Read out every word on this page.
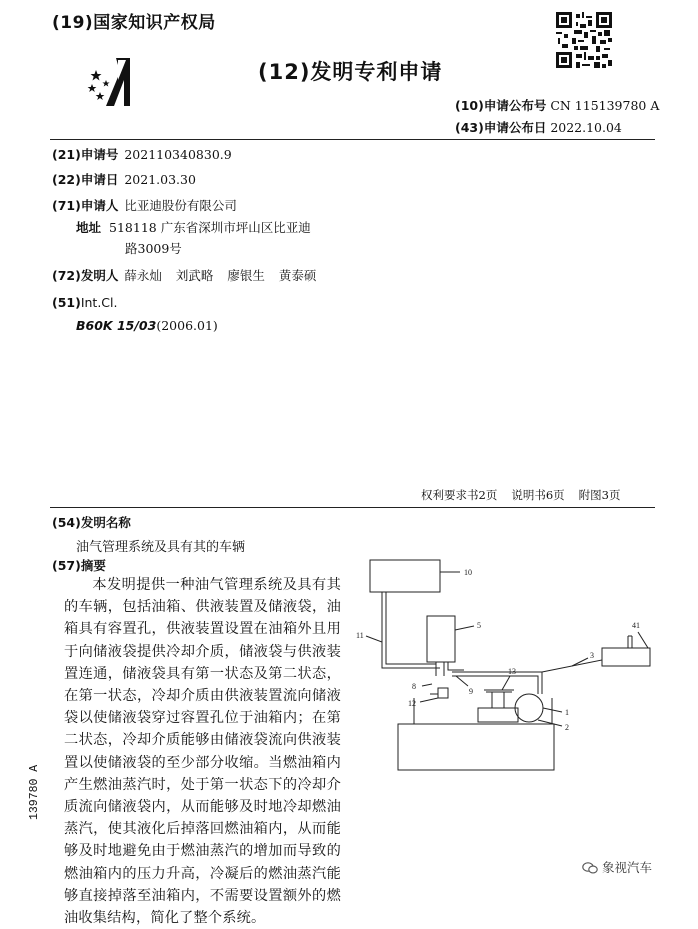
(19)国家知识产权局
(12)发明专利申请
(10)申请公布号 CN 115139780 A
(43)申请公布日 2022.10.04
(21)申请号 202110340830.9
(22)申请日 2021.03.30
(71)申请人 比亚迪股份有限公司
地址 518118 广东省深圳市坪山区比亚迪
路3009号
(72)发明人 薛永灿 刘武略 廖银生 黄泰硕
(51)Int.Cl.
B60K 15/03(2006.01)
权利要求书2页 说明书6页 附图3页
(54)发明名称
油气管理系统及具有其的车辆
(57)摘要
本发明提供一种油气管理系统及具有其的车辆，包括油箱、供液装置及储液袋，油箱具有容置孔，供液装置设置在油箱外且用于向储液袋提供冷却介质，储液袋与供液装置连通，储液袋具有第一状态及第二状态，在第一状态，冷却介质由供液装置流向储液袋以使储液袋穿过容置孔位于油箱内；在第二状态，冷却介质能够由储液袋流向供液装置以使储液袋的至少部分收缩。当燃油箱内产生燃油蒸汽时，处于第一状态下的冷却介质流向储液袋内，从而能够及时地冷却燃油蒸汽，使其液化后掉落回燃油箱内，从而能够及时地避免由于燃油蒸汽的增加而导致的燃油箱内的压力升高，冷凝后的燃油蒸汽能够直接掉落至油箱内，不需要设置额外的燃油收集结构，简化了整个系统。
10
5
11
41
3
8
9
13
12
1
2
139780 A
象视汽车
